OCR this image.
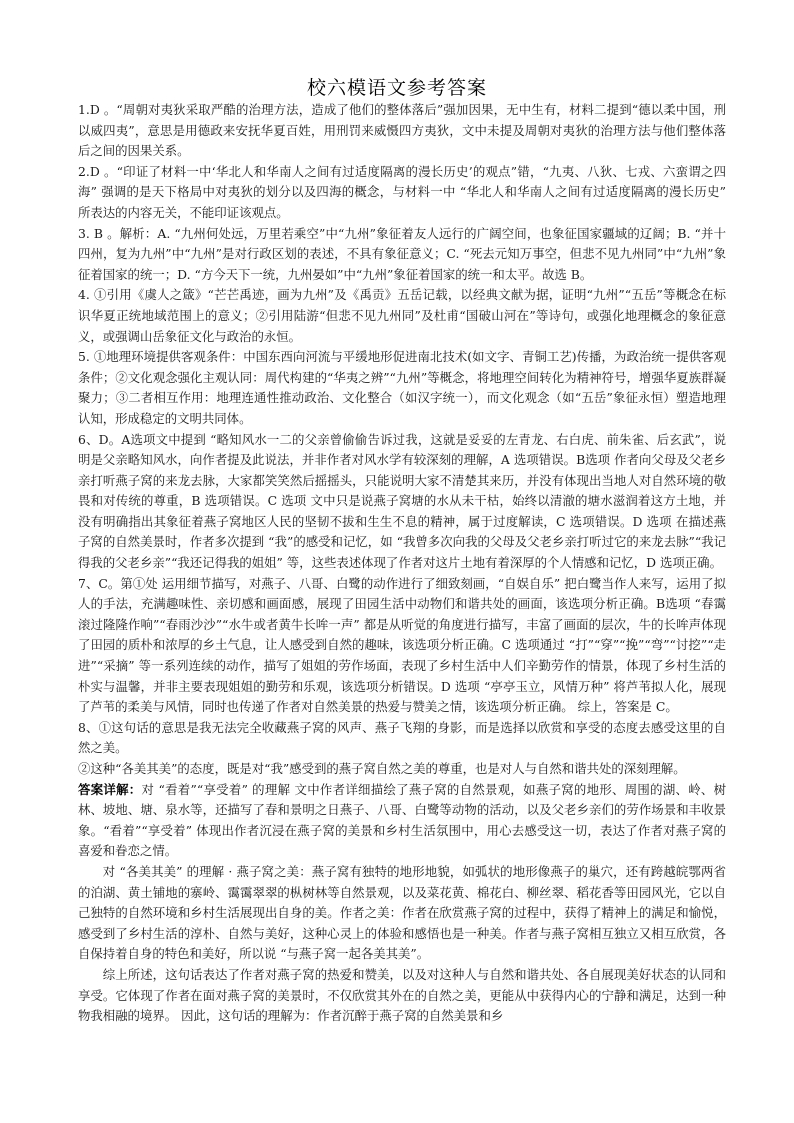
校六模语文参考答案

1.D 。“周朝对夷狄采取严酷的治理方法，造成了他们的整体落后”强加因果，无中生有，材料二提到“德以柔中国，刑以威四夷”，意思是用德政来安抚华夏百姓，用刑罚来威慑四方夷狄，文中未提及周朝对夷狄的治理方法与他们整体落后之间的因果关系。

2.D 。“印证了材料一中‘华北人和华南人之间有过适度隔离的漫长历史’的观点”错，“九夷、八狄、七戎、六蛮谓之四海” 强调的是天下格局中对夷狄的划分以及四海的概念，与材料一中 “华北人和华南人之间有过适度隔离的漫长历史” 所表达的内容无关，不能印证该观点。

3. B 。解析：A. “九州何处远，万里若乘空”中“九州”象征着友人远行的广阔空间，也象征国家疆域的辽阔；B. “并十四州，复为九州”中“九州”是对行政区划的表述，不具有象征意义；C. “死去元知万事空，但悲不见九州同”中“九州”象征着国家的统一；D. “方今天下一统，九州晏如”中“九州”象征着国家的统一和太平。故选 B。

4. ①引用《虞人之箴》“芒芒禹迹，画为九州”及《禹贡》五岳记载，以经典文献为据，证明“九州”“五岳”等概念在标识华夏正统地域范围上的意义；②引用陆游“但悲不见九州同”及杜甫“国破山河在”等诗句，或强化地理概念的象征意义，或强调山岳象征文化与政治的永恒。

5. ①地理环境提供客观条件：中国东西向河流与平缓地形促进南北技术(如文字、青铜工艺)传播，为政治统一提供客观条件；②文化观念强化主观认同：周代构建的“华夷之辨”“九州”等概念，将地理空间转化为精神符号，增强华夏族群凝聚力；③二者相互作用：地理连通性推动政治、文化整合（如汉字统一），而文化观念（如“五岳”象征永恒）塑造地理认知，形成稳定的文明共同体。

6、D。A选项文中提到 “略知风水一二的父亲曾偷偷告诉过我，这就是妥妥的左青龙、右白虎、前朱雀、后玄武”，说明是父亲略知风水，向作者提及此说法，并非作者对风水学有较深刻的理解，A 选项错误。B选项 作者向父母及父老乡亲打听燕子窝的来龙去脉，大家都笑笑然后摇摇头，只能说明大家不清楚其来历，并没有体现出当地人对自然环境的敬畏和对传统的尊重，B 选项错误。C 选项 文中只是说燕子窝塘的水从未干枯，始终以清澈的塘水滋润着这方土地，并没有明确指出其象征着燕子窝地区人民的坚韧不拔和生生不息的精神，属于过度解读，C 选项错误。D 选项 在描述燕子窝的自然美景时，作者多次提到 “我”的感受和记忆，如 “我曾多次向我的父母及父老乡亲打听过它的来龙去脉”“我记得我的父老乡亲”“我还记得我的姐姐” 等，这些表述体现了作者对这片土地有着深厚的个人情感和记忆，D 选项正确。

7、C。第①处 运用细节描写，对燕子、八哥、白鹭的动作进行了细致刻画，“自娱自乐” 把白鹭当作人来写，运用了拟人的手法，充满趣味性、亲切感和画面感，展现了田园生活中动物们和谐共处的画面，该选项分析正确。B选项 “春霭滚过隆隆作响”“春雨沙沙”“水牛或者黄牛长哞一声” 都是从听觉的角度进行描写，丰富了画面的层次，牛的长哞声体现了田园的质朴和浓厚的乡土气息，让人感受到自然的趣味，该选项分析正确。C 选项通过 “打”“穿”“挽”“弯”“讨挖”“走进”“采摘” 等一系列连续的动作，描写了姐姐的劳作场面，表现了乡村生活中人们辛勤劳作的情景，体现了乡村生活的朴实与温馨，并非主要表现姐姐的勤劳和乐观，该选项分析错误。D 选项 “亭亭玉立，风情万种” 将芦苇拟人化，展现了芦苇的柔美与风情，同时也传递了作者对自然美景的热爱与赞美之情，该选项分析正确。 综上，答案是 C。

8、①这句话的意思是我无法完全收藏燕子窝的风声、燕子飞翔的身影，而是选择以欣赏和享受的态度去感受这里的自然之美。

②这种“各美其美”的态度，既是对“我”感受到的燕子窝自然之美的尊重，也是对人与自然和谐共处的深刻理解。

答案详解：对 “看着”“享受着” 的理解 文中作者详细描绘了燕子窝的自然景观，如燕子窝的地形、周围的湖、岭、树林、坡地、塘、泉水等，还描写了春和景明之日燕子、八哥、白鹭等动物的活动，以及父老乡亲们的劳作场景和丰收景象。“看着”“享受着” 体现出作者沉浸在燕子窝的美景和乡村生活氛围中，用心去感受这一切，表达了作者对燕子窝的喜爱和眷恋之情。

对 “各美其美” 的理解 · 燕子窝之美：燕子窝有独特的地形地貌，如弧状的地形像燕子的巢穴，还有跨越皖鄂两省的泊湖、黄土铺地的寨岭、霭霭翠翠的枞树林等自然景观，以及菜花黄、棉花白、柳丝翠、稻花香等田园风光，它以自己独特的自然环境和乡村生活展现出自身的美。作者之美：作者在欣赏燕子窝的过程中，获得了精神上的满足和愉悦，感受到了乡村生活的淳朴、自然与美好，这种心灵上的体验和感悟也是一种美。作者与燕子窝相互独立又相互欣赏，各自保持着自身的特色和美好，所以说 “与燕子窝一起各美其美”。

综上所述，这句话表达了作者对燕子窝的热爱和赞美，以及对这种人与自然和谐共处、各自展现美好状态的认同和享受。它体现了作者在面对燕子窝的美景时，不仅欣赏其外在的自然之美，更能从中获得内心的宁静和满足，达到一种物我相融的境界。 因此，这句话的理解为：作者沉醉于燕子窝的自然美景和乡
